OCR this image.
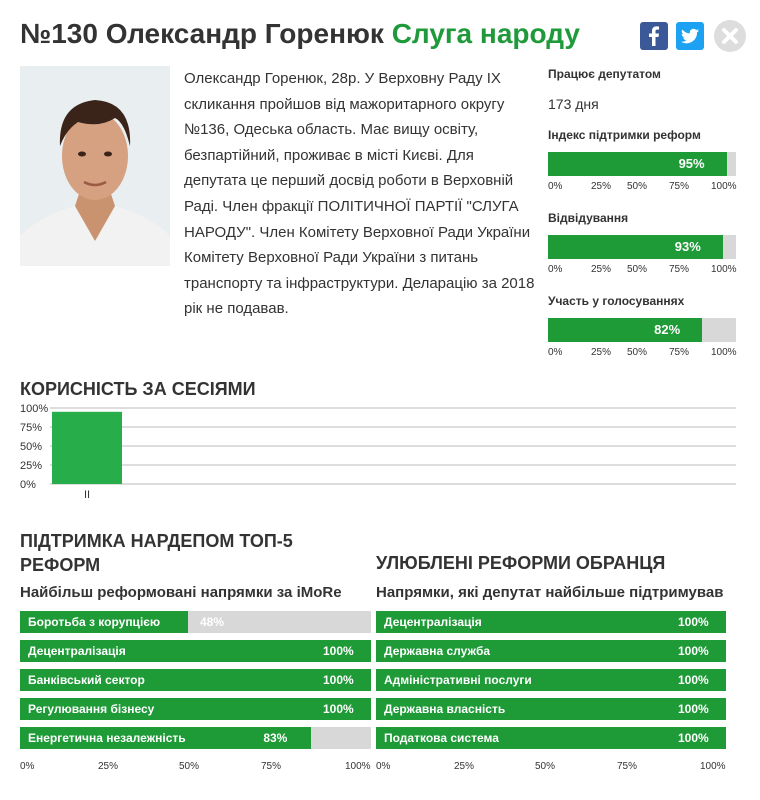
№130 Олександр Горенюк Слуга народу
Олександр Горенюк, 28р. У Верховну Раду IX скликання пройшов від мажоритарного округу №136, Одеська область. Має вищу освіту, безпартійний, проживає в місті Києві. Для депутата це перший досвід роботи в Верховній Раді. Член фракції ПОЛІТИЧНОЇ ПАРТІЇ "СЛУГА НАРОДУ". Член Комітету Верховної Ради України Комітету Верховної Ради України з питань транспорту та інфраструктури. Деларацію за 2018 рік не подавав.
Працює депутатом
173 дня
Індекс підтримки реформ
95%
0%	25% 50% 75% 100%
Відвідування
93%
0%	25% 50% 75% 100%
Участь у голосуваннях
82%
0%	25% 50% 75% 100%
КОРИСНІСТЬ ЗА СЕСІЯМИ
100%
75%
50%
25%
0%
II
ПІДТРИМКА НАРДЕПОМ ТОП-5 РЕФОРМ
Найбільш реформовані напрямки за iMoRe
Боротьба з корупцією	48%
Децентралізація	100%
Банківський сектор	100%
Регулювання бізнесу	100%
Енергетична незалежність	83%
0%	25%	50%	75%	100%
УЛЮБЛЕНІ РЕФОРМИ ОБРАНЦЯ
Напрямки, які депутат найбільше підтримував
Децентралізація	100%
Державна служба	100%
Адміністративні послуги	100%
Державна власність	100%
Податкова система	100%
0%	25%	50%	75%	100%
